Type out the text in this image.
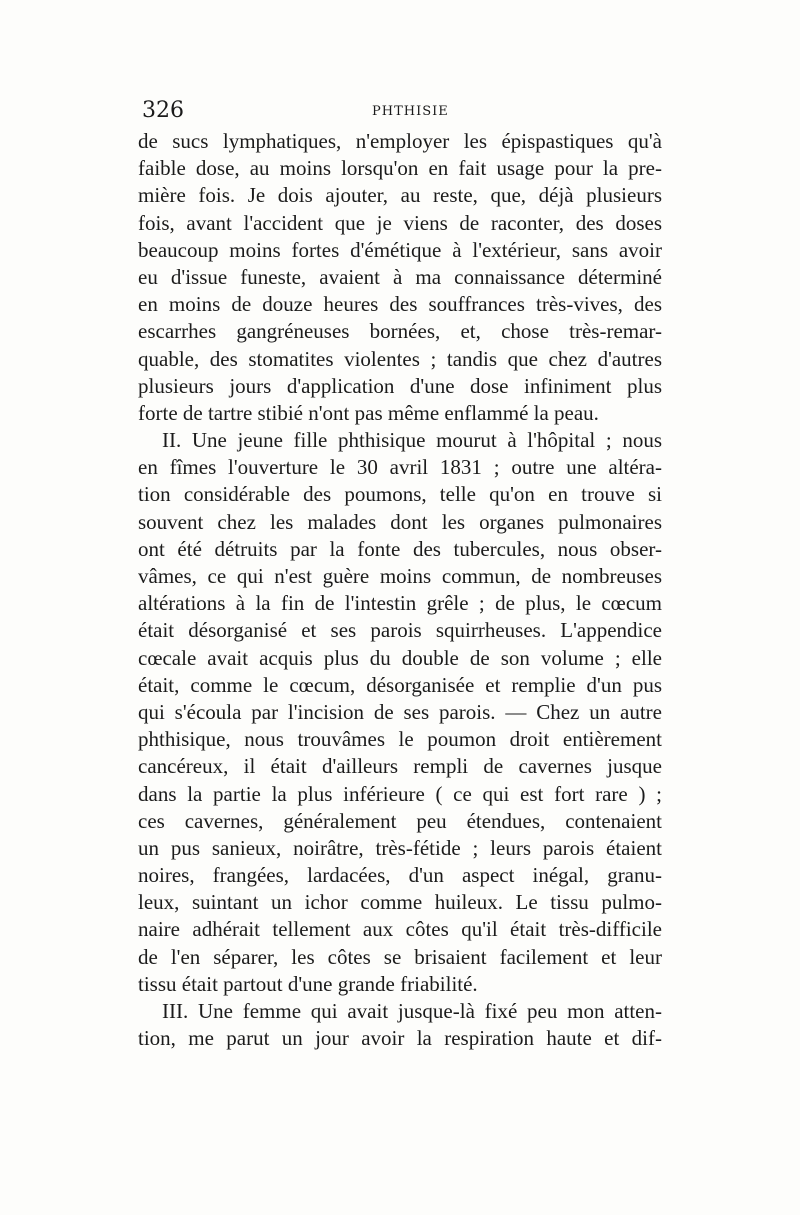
326	PHTHISIE
de sucs lymphatiques, n'employer les épispastiques qu'à
faible dose, au moins lorsqu'on en fait usage pour la pre-
mière fois. Je dois ajouter, au reste, que, déjà plusieurs
fois, avant l'accident que je viens de raconter, des doses
beaucoup moins fortes d'émétique à l'extérieur, sans avoir
eu d'issue funeste, avaient à ma connaissance déterminé
en moins de douze heures des souffrances très-vives, des
escarrhes gangréneuses bornées, et, chose très-remar-
quable, des stomatites violentes ; tandis que chez d'autres
plusieurs jours d'application d'une dose infiniment plus
forte de tartre stibié n'ont pas même enflammé la peau.
II. Une jeune fille phthisique mourut à l'hôpital ; nous
en fîmes l'ouverture le 30 avril 1831 ; outre une altéra-
tion considérable des poumons, telle qu'on en trouve si
souvent chez les malades dont les organes pulmonaires
ont été détruits par la fonte des tubercules, nous obser-
vâmes, ce qui n'est guère moins commun, de nombreuses
altérations à la fin de l'intestin grêle ; de plus, le cœcum
était désorganisé et ses parois squirrheuses. L'appendice
cœcale avait acquis plus du double de son volume ; elle
était, comme le cœcum, désorganisée et remplie d'un pus
qui s'écoula par l'incision de ses parois. — Chez un autre
phthisique, nous trouvâmes le poumon droit entièrement
cancéreux, il était d'ailleurs rempli de cavernes jusque
dans la partie la plus inférieure ( ce qui est fort rare ) ;
ces cavernes, généralement peu étendues, contenaient
un pus sanieux, noirâtre, très-fétide ; leurs parois étaient
noires, frangées, lardacées, d'un aspect inégal, granu-
leux, suintant un ichor comme huileux. Le tissu pulmo-
naire adhérait tellement aux côtes qu'il était très-difficile
de l'en séparer, les côtes se brisaient facilement et leur
tissu était partout d'une grande friabilité.
III. Une femme qui avait jusque-là fixé peu mon atten-
tion, me parut un jour avoir la respiration haute et dif-
